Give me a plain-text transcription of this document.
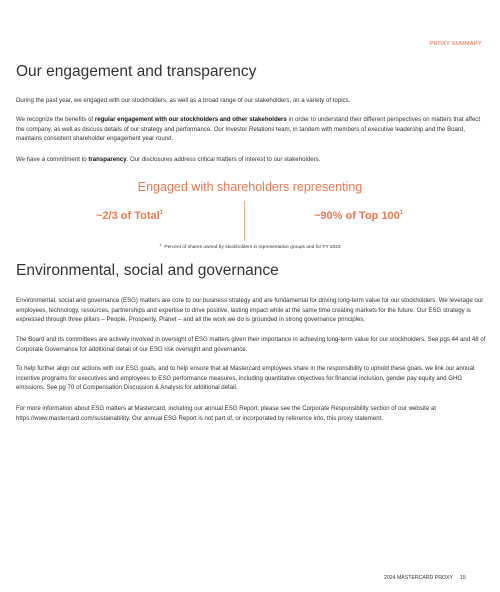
PROXY SUMMARY
Our engagement and transparency

During the past year, we engaged with our stockholders, as well as a broad range of our stakeholders, on a variety of topics.

We recognize the benefits of regular engagement with our stockholders and other stakeholders in order to understand their different perspectives on matters that affect the company, as well as discuss details of our strategy and performance. Our Investor Relations team, in tandem with members of executive leadership and the Board, maintains consistent shareholder engagement year round.

We have a commitment to transparency. Our disclosures address critical matters of interest to our stakeholders.

Engaged with shareholders representing
~2/3 of Total$^1$	~90% of Top $100^1$
$^1$ Percent of shares owned by stockholders in representative groups and for FY 2023
Environmental, social and governance

Environmental, social and governance (ESG) matters are core to our business strategy and are fundamental for driving long-term value for our stockholders. We leverage our employees, technology, resources, partnerships and expertise to drive positive, lasting impact while at the same time creating markets for the future. Our ESG strategy is expressed through three pillars – People, Prosperity, Planet – and all the work we do is grounded in strong governance principles.

The Board and its committees are actively involved in oversight of ESG matters given their importance in achieving long-term value for our stockholders. See pgs 44 and 48 of Corporate Governance for additional detail of our ESG risk oversight and governance.

To help further align our actions with our ESG goals, and to help ensure that all Mastercard employees share in the responsibility to uphold these goals, we link our annual incentive programs for executives and employees to ESG performance measures, including quantitative objectives for financial inclusion, gender pay equity and GHG emissions. See pg 70 of Compensation Discussion & Analysis for additional detail.

For more information about ESG matters at Mastercard, including our annual ESG Report, please see the Corporate Responsibility section of our website at https://www.mastercard.com/sustainability. Our annual ESG Report is not part of, or incorporated by reference into, this proxy statement.

2024 MASTERCARD PROXY 15
